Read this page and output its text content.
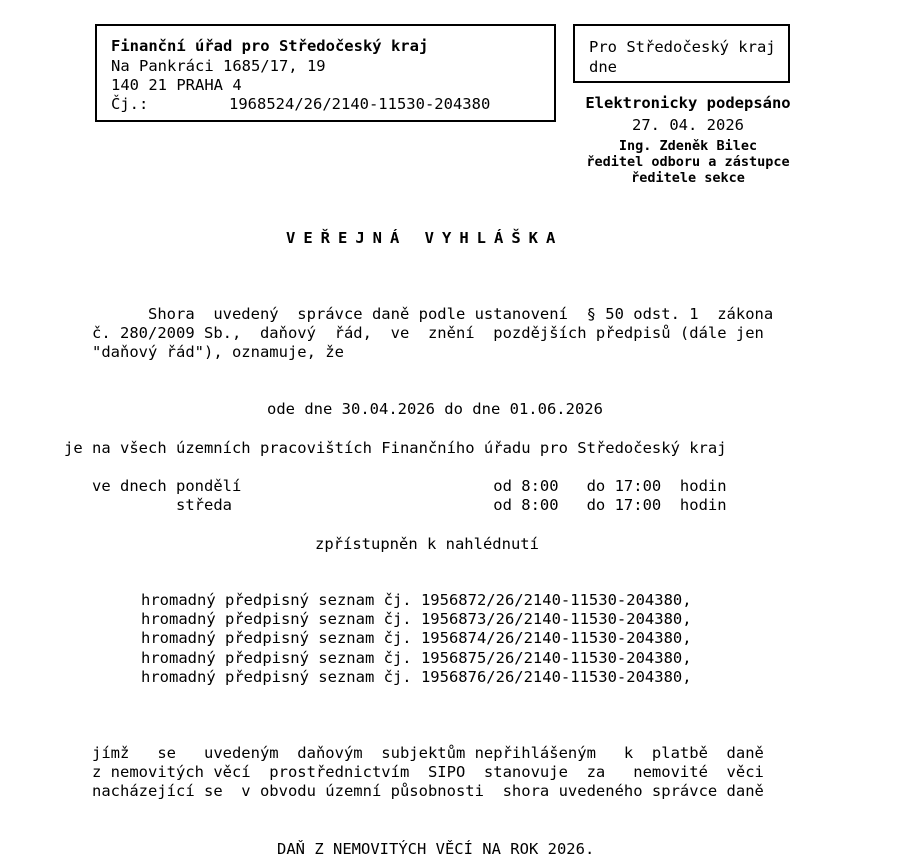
Finanční úřad pro Středočeský kraj
Na Pankráci 1685/17, 19
140 21 PRAHA 4
Čj.:	1968524/26/2140-11530-204380
Pro Středočeský kraj
dne
Elektronicky podepsáno
27. 04. 2026
Ing. Zdeněk Bilec
ředitel odboru a zástupce
ředitele sekce
VEŘEJNÁ VYHLÁŠKA
Shora  uvedený  správce daně podle ustanovení  § 50 odst. 1  zákona
č. 280/2009 Sb.,  daňový  řád,  ve  znění  pozdějších předpisů (dále jen
"daňový řád"), oznamuje, že
ode dne 30.04.2026 do dne 01.06.2026
je na všech územních pracovištích Finančního úřadu pro Středočeský kraj
ve dnech pondělí                           od 8:00   do 17:00  hodin
středa                            od 8:00   do 17:00  hodin
zpřístupněn k nahlédnutí
hromadný předpisný seznam čj. 1956872/26/2140-11530-204380,
hromadný předpisný seznam čj. 1956873/26/2140-11530-204380,
hromadný předpisný seznam čj. 1956874/26/2140-11530-204380,
hromadný předpisný seznam čj. 1956875/26/2140-11530-204380,
hromadný předpisný seznam čj. 1956876/26/2140-11530-204380,
jímž   se   uvedeným  daňovým  subjektům nepřihlášeným   k  platbě  daně
z nemovitých věcí  prostřednictvím  SIPO  stanovuje  za   nemovité  věci
nacházející se  v obvodu územní působnosti  shora uvedeného správce daně
DAŇ Z NEMOVITÝCH VĚCÍ NA ROK 2026.
